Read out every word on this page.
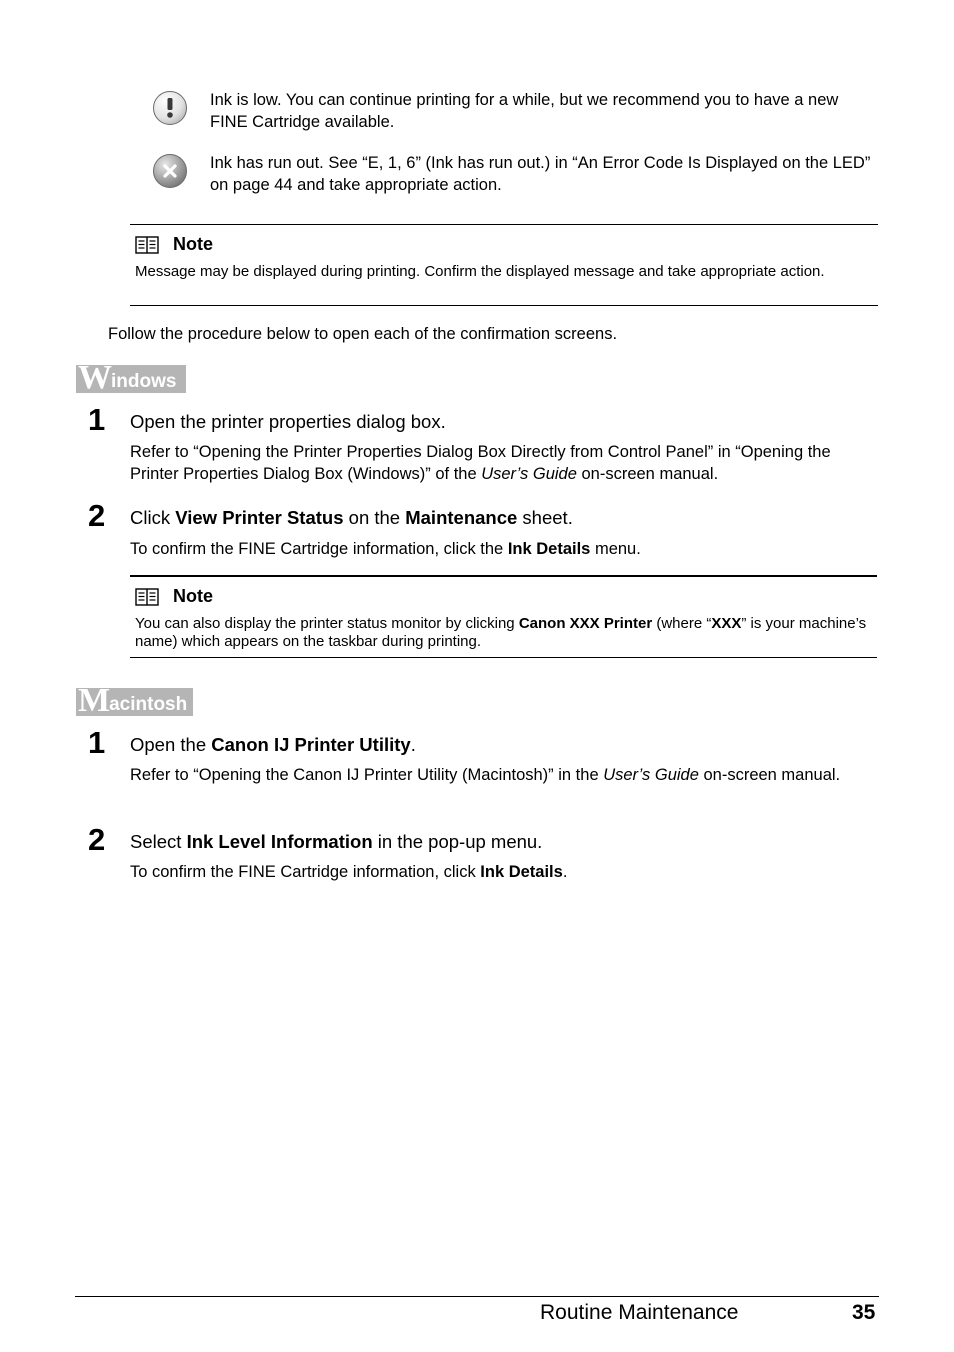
Ink is low. You can continue printing for a while, but we recommend you to have a new FINE Cartridge available.
Ink has run out. See “E, 1, 6” (Ink has run out.) in “An Error Code Is Displayed on the LED” on page 44 and take appropriate action.
Note
Message may be displayed during printing. Confirm the displayed message and take appropriate action.
Follow the procedure below to open each of the confirmation screens.
W indows
1 Open the printer properties dialog box.
Refer to “Opening the Printer Properties Dialog Box Directly from Control Panel” in “Opening the Printer Properties Dialog Box (Windows)” of the User’s Guide on-screen manual.
2 Click View Printer Status on the Maintenance sheet.
To confirm the FINE Cartridge information, click the Ink Details menu.
Note
You can also display the printer status monitor by clicking Canon XXX Printer (where “XXX” is your machine’s name) which appears on the taskbar during printing.
M acintosh
1 Open the Canon IJ Printer Utility.
Refer to “Opening the Canon IJ Printer Utility (Macintosh)” in the User’s Guide on-screen manual.
2 Select Ink Level Information in the pop-up menu.
To confirm the FINE Cartridge information, click Ink Details.
Routine Maintenance	35
